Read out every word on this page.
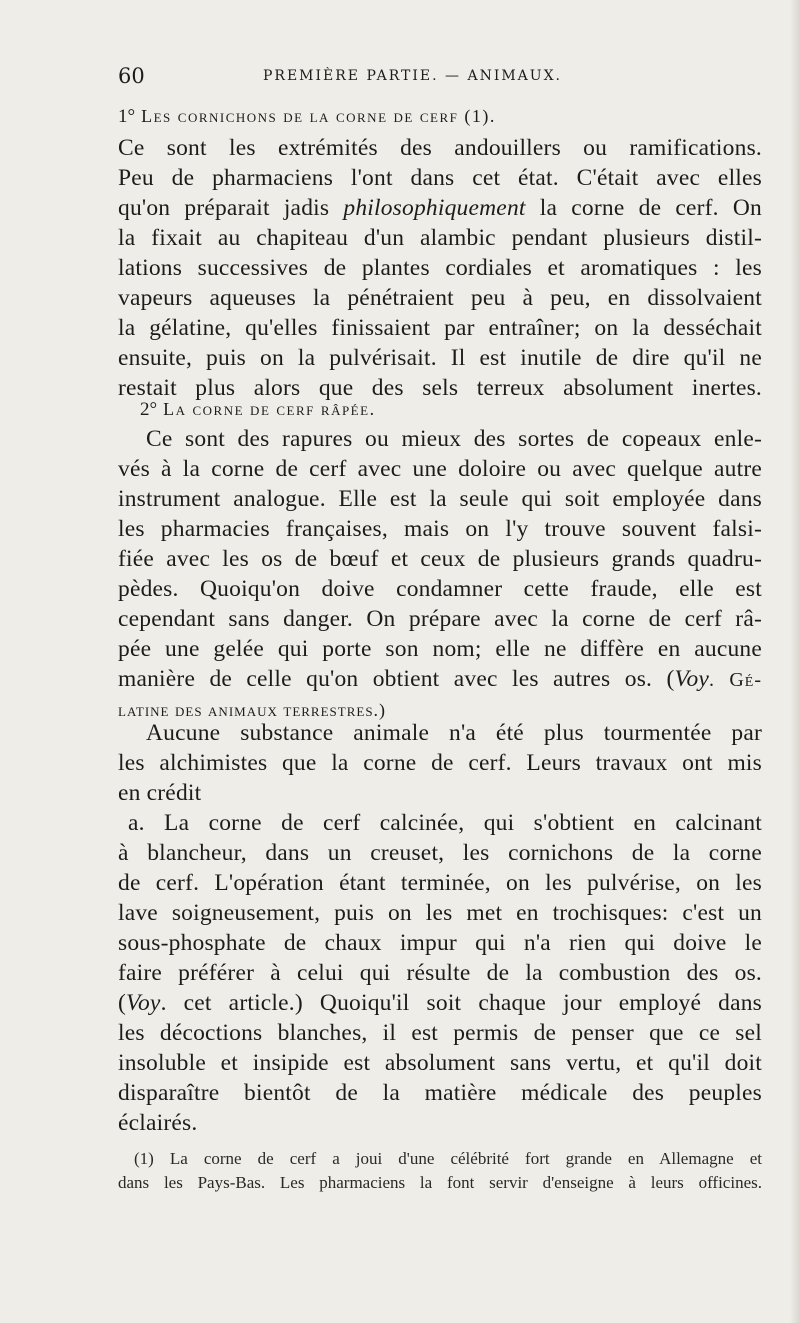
60	PREMIÈRE PARTIE. — ANIMAUX.
1° Les cornichons de la corne de cerf (1).
Ce sont les extrémités des andouillers ou ramifications.
Peu de pharmaciens l'ont dans cet état. C'était avec elles
qu'on préparait jadis philosophiquement la corne de cerf. On
la fixait au chapiteau d'un alambic pendant plusieurs distil-
lations successives de plantes cordiales et aromatiques : les
vapeurs aqueuses la pénétraient peu à peu, en dissolvaient
la gélatine, qu'elles finissaient par entraîner; on la desséchait
ensuite, puis on la pulvérisait. Il est inutile de dire qu'il ne
restait plus alors que des sels terreux absolument inertes.
2° La corne de cerf râpée.
Ce sont des rapures ou mieux des sortes de copeaux enle-
vés à la corne de cerf avec une doloire ou avec quelque autre
instrument analogue. Elle est la seule qui soit employée dans
les pharmacies françaises, mais on l'y trouve souvent falsi-
fiée avec les os de bœuf et ceux de plusieurs grands quadru-
pèdes. Quoiqu'on doive condamner cette fraude, elle est
cependant sans danger. On prépare avec la corne de cerf râ-
pée une gelée qui porte son nom; elle ne diffère en aucune
manière de celle qu'on obtient avec les autres os. (Voy. Gé-
latine des animaux terrestres.)
Aucune substance animale n'a été plus tourmentée par
les alchimistes que la corne de cerf. Leurs travaux ont mis
en crédit
a. La corne de cerf calcinée, qui s'obtient en calcinant
à blancheur, dans un creuset, les cornichons de la corne
de cerf. L'opération étant terminée, on les pulvérise, on les
lave soigneusement, puis on les met en trochisques: c'est un
sous-phosphate de chaux impur qui n'a rien qui doive le
faire préférer à celui qui résulte de la combustion des os.
(Voy. cet article.) Quoiqu'il soit chaque jour employé dans
les décoctions blanches, il est permis de penser que ce sel
insoluble et insipide est absolument sans vertu, et qu'il doit
disparaître bientôt de la matière médicale des peuples
éclairés.
(1) La corne de cerf a joui d'une célébrité fort grande en Allemagne et
dans les Pays-Bas. Les pharmaciens la font servir d'enseigne à leurs officines.
